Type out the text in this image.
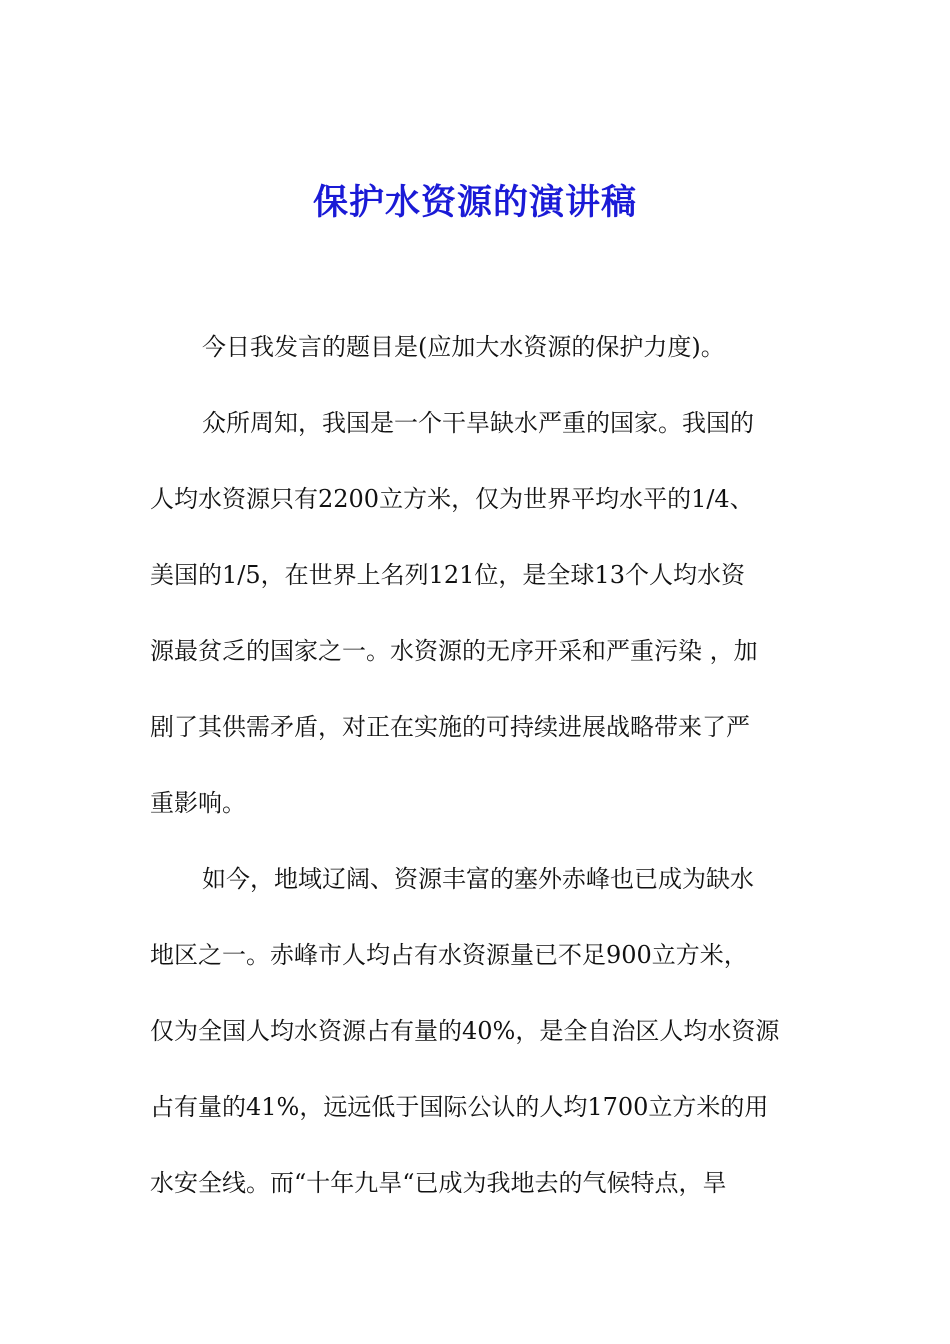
保护水资源的演讲稿
今日我发言的题目是(应加大水资源的保护力度)。
众所周知，我国是一个干旱缺水严重的国家。我国的
人均水资源只有2200立方米，仅为世界平均水平的1/4、
美国的1/5，在世界上名列121位，是全球13个人均水资
源最贫乏的国家之一。水资源的无序开采和严重污染 ，加
剧了其供需矛盾，对正在实施的可持续进展战略带来了严
重影响。
如今，地域辽阔、资源丰富的塞外赤峰也已成为缺水
地区之一。赤峰市人均占有水资源量已不足900立方米，
仅为全国人均水资源占有量的40%，是全自治区人均水资源
占有量的41%，远远低于国际公认的人均1700立方米的用
水安全线。而“十年九旱“已成为我地去的气候特点，旱
